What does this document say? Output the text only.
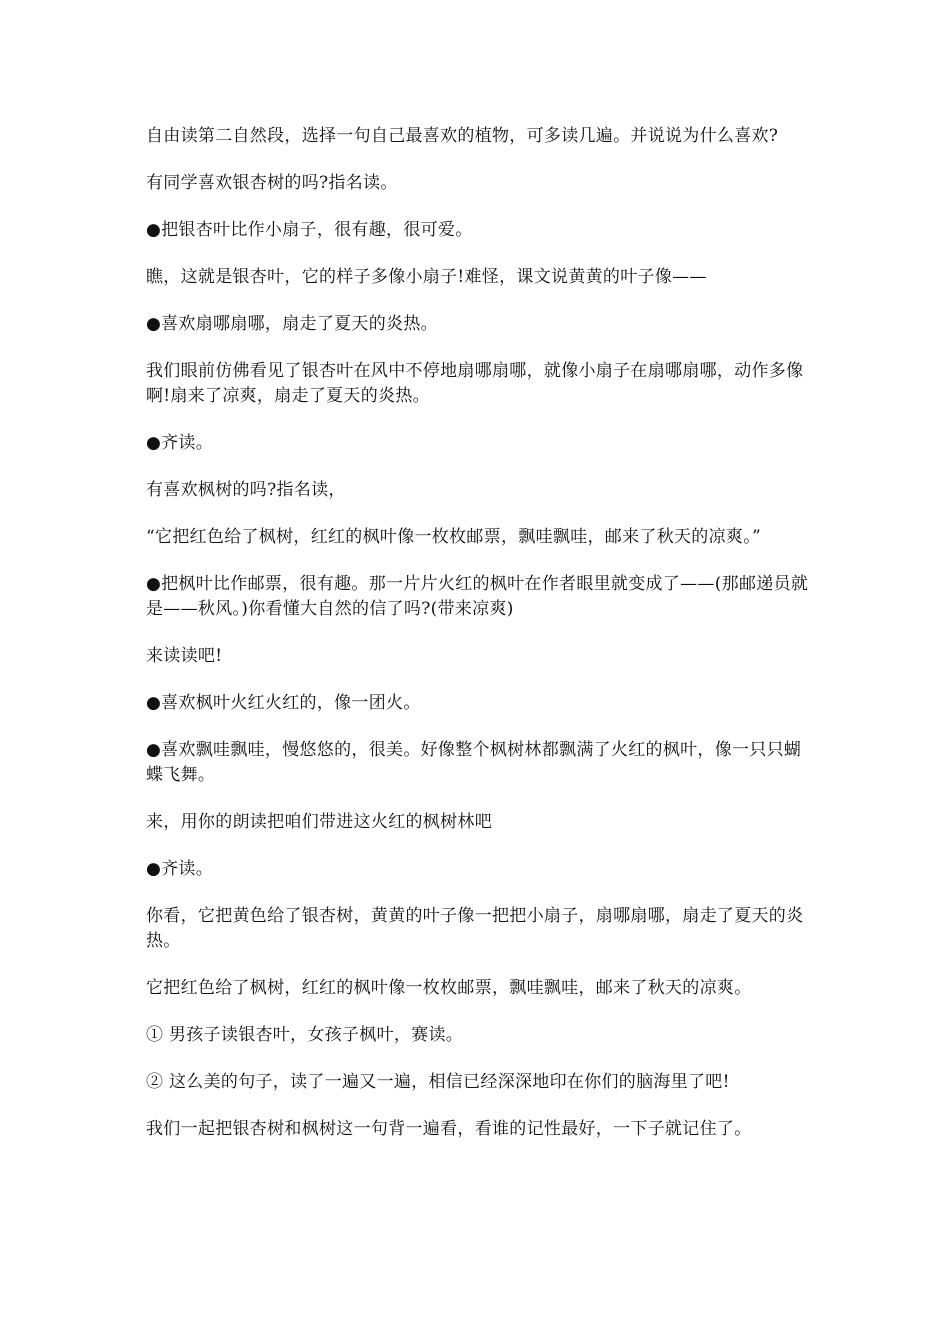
自由读第二自然段，选择一句自己最喜欢的植物，可多读几遍。并说说为什么喜欢?

有同学喜欢银杏树的吗?指名读。

●把银杏叶比作小扇子，很有趣，很可爱。

瞧，这就是银杏叶，它的样子多像小扇子!难怪，课文说黄黄的叶子像——

●喜欢扇哪扇哪，扇走了夏天的炎热。

我们眼前仿佛看见了银杏叶在风中不停地扇哪扇哪，就像小扇子在扇哪扇哪，动作多像啊!扇来了凉爽，扇走了夏天的炎热。

●齐读。

有喜欢枫树的吗?指名读，

“它把红色给了枫树，红红的枫叶像一枚枚邮票，飘哇飘哇，邮来了秋天的凉爽。”

●把枫叶比作邮票，很有趣。那一片片火红的枫叶在作者眼里就变成了——(那邮递员就是——秋风。)你看懂大自然的信了吗?(带来凉爽)

来读读吧!

●喜欢枫叶火红火红的，像一团火。

●喜欢飘哇飘哇，慢悠悠的，很美。好像整个枫树林都飘满了火红的枫叶，像一只只蝴蝶飞舞。

来，用你的朗读把咱们带进这火红的枫树林吧

●齐读。

你看，它把黄色给了银杏树，黄黄的叶子像一把把小扇子，扇哪扇哪，扇走了夏天的炎热。

它把红色给了枫树，红红的枫叶像一枚枚邮票，飘哇飘哇，邮来了秋天的凉爽。

① 男孩子读银杏叶，女孩子枫叶，赛读。

② 这么美的句子，读了一遍又一遍，相信已经深深地印在你们的脑海里了吧!

我们一起把银杏树和枫树这一句背一遍看，看谁的记性最好，一下子就记住了。
